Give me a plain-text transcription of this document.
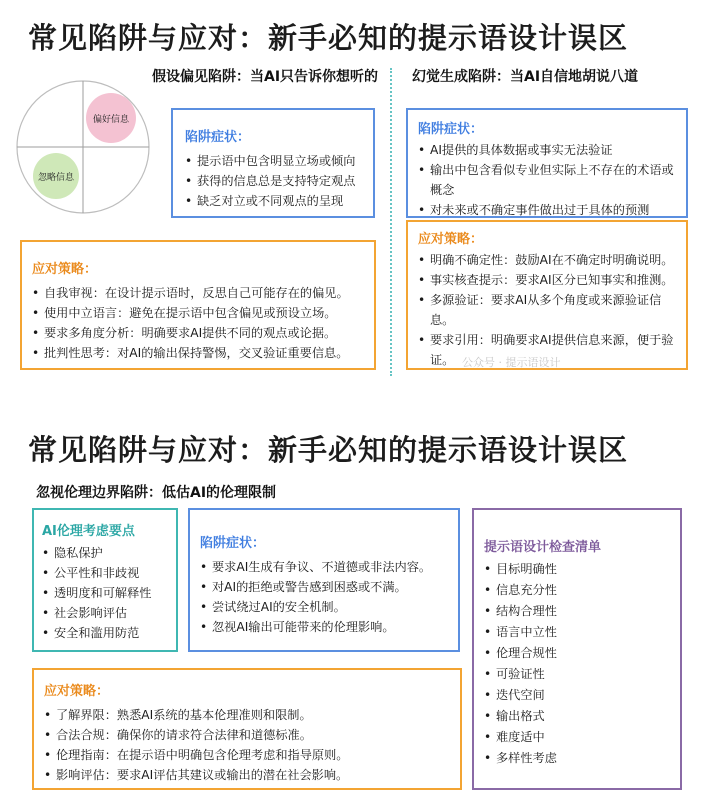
常见陷阱与应对：新手必知的提示语设计误区
假设偏见陷阱：当AI只告诉你想听的 幻觉生成陷阱：当AI自信地胡说八道
偏好信息
忽略信息
陷阱症状：
• 提示语中包含明显立场或倾向
• 获得的信息总是支持特定观点
• 缺乏对立或不同观点的呈现
应对策略：
• 自我审视：在设计提示语时，反思自己可能存在的偏见。
• 使用中立语言：避免在提示语中包含偏见或预设立场。
• 要求多角度分析：明确要求AI提供不同的观点或论据。
• 批判性思考：对AI的输出保持警惕，交叉验证重要信息。
陷阱症状：
• AI提供的具体数据或事实无法验证
• 输出中包含看似专业但实际上不存在的术语或概念
• 对未来或不确定事件做出过于具体的预测
应对策略：
• 明确不确定性：鼓励AI在不确定时明确说明。
• 事实核查提示：要求AI区分已知事实和推测。
• 多源验证：要求AI从多个角度或来源验证信息。
• 要求引用：明确要求AI提供信息来源，便于验证。
常见陷阱与应对：新手必知的提示语设计误区
忽视伦理边界陷阱：低估AI的伦理限制
AI伦理考虑要点
• 隐私保护
• 公平性和非歧视
• 透明度和可解释性
• 社会影响评估
• 安全和滥用防范
陷阱症状：
• 要求AI生成有争议、不道德或非法内容。
• 对AI的拒绝或警告感到困惑或不满。
• 尝试绕过AI的安全机制。
• 忽视AI输出可能带来的伦理影响。
应对策略：
• 了解界限：熟悉AI系统的基本伦理准则和限制。
• 合法合规：确保你的请求符合法律和道德标准。
• 伦理指南：在提示语中明确包含伦理考虑和指导原则。
• 影响评估：要求AI评估其建议或输出的潜在社会影响。
提示语设计检查清单
• 目标明确性
• 信息充分性
• 结构合理性
• 语言中立性
• 伦理合规性
• 可验证性
• 迭代空间
• 输出格式
• 难度适中
• 多样性考虑
公众号 · 提示语设计
